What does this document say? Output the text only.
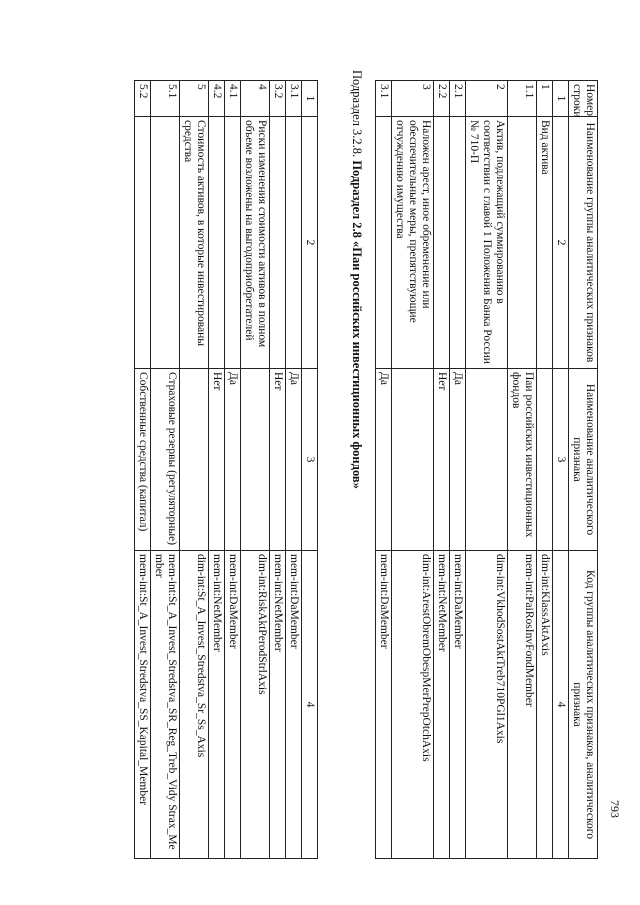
1	2	3	4
3.1		Да	mem-int:DaMember
3.2		Нет	mem-int:NetMember
4	Риски изменения стоимости активов в полном объеме возложены на выгодоприобретателей		dim-int:RiskAktPerodStrlAxis
4.1		Да	mem-int:DaMember
4.2		Нет	mem-int:NetMember
5	Стоимость активов, в которые инвестированы средства		dim-int:St_A_Invest_Stredstva_Sr_Ss_Axis
5.1		Страховые резервы (регуляторные)	mem-int:St_A_Invest_Stredstva_SR_Reg_Treb_Vidy Strax_Member
5.2		Собственные средства (капитал)	mem-int:St_A_Invest_Stredstva_SS_Kapital_Member
Подраздел 3.2.8. Подраздел 2.8 «Паи российских инвестиционных фондов»
Номер строки	Наименование группы аналитических признаков	Наименование аналитического признака	Код группы аналитических признаков, аналитического признака
1	2	3	4
1	Вид актива		dim-int:KlassAktAxis
1.1		Паи российских инвестиционных фондов	mem-int:PaiRosInvFondMember
2	Актив, подлежащий суммированию в соответствии с главой 1 Положения Банка России № 710-П		dim-int:VkhodSostAktTreb710PGl1Axis
2.1		Да	mem-int:DaMember
2.2		Нет	mem-int:NetMember
3	Наложен арест, иное обременение или обеспечительные меры, препятствующие отчуждению имущества		dim-int:ArestObremObespMerPrepOtchAxis
3.1		Да	mem-int:DaMember
793
